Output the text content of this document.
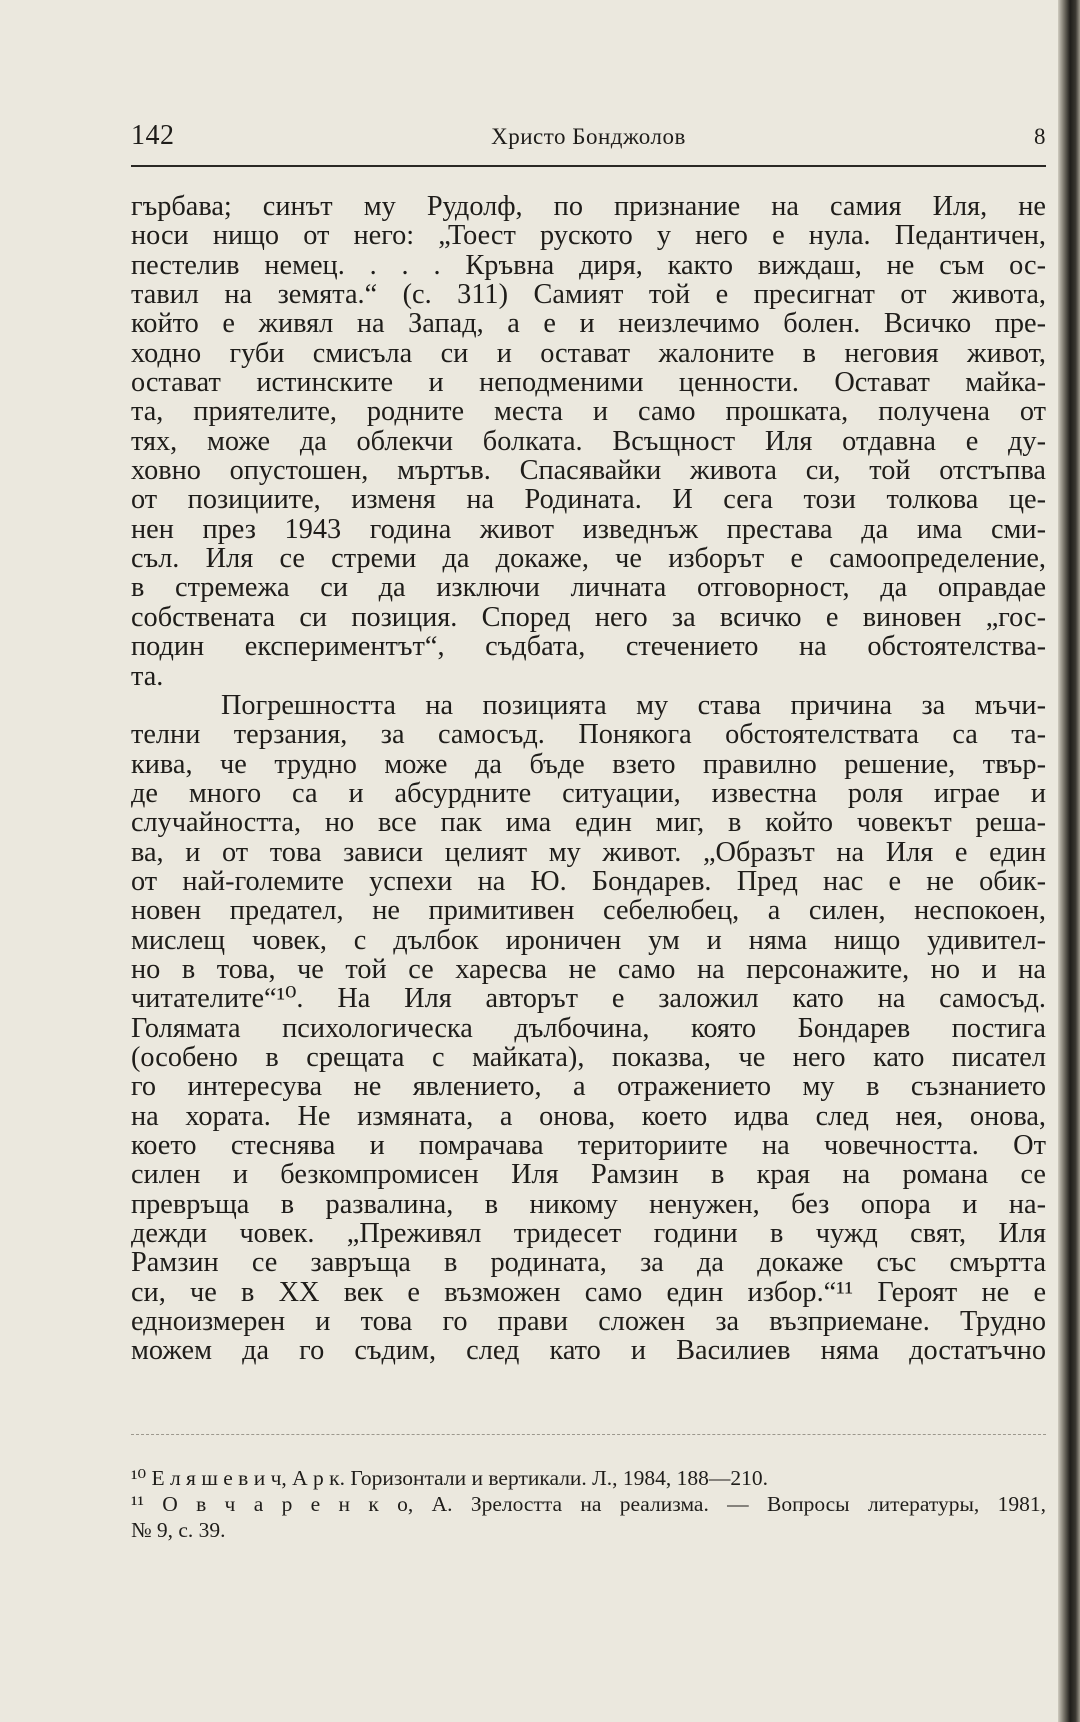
142	Христо Бонджолов	8
гърбава; синът му Рудолф, по признание на самия Иля, не
носи нищо от него: „Тоест руското у него е нула. Педантичен,
пестелив немец. . . . Кръвна диря, както виждаш, не съм ос-
тавил на земята.“ (с. 311) Самият той е пресигнат от живота,
който е живял на Запад, а е и неизлечимо болен. Всичко пре-
ходно губи смисъла си и остават жалоните в неговия живот,
остават истинските и неподменими ценности. Остават майка-
та, приятелите, родните места и само прошката, получена от
тях, може да облекчи болката. Всъщност Иля отдавна е ду-
ховно опустошен, мъртъв. Спасявайки живота си, той отстъпва
от позициите, изменя на Родината. И сега този толкова це-
нен през 1943 година живот изведнъж престава да има сми-
съл. Иля се стреми да докаже, че изборът е самоопределение,
в стремежа си да изключи личната отговорност, да оправдае
собствената си позиция. Според него за всичко е виновен „гос-
подин експериментът“, съдбата, стечението на обстоятелства-
та.
Погрешността на позицията му става причина за мъчи-
телни терзания, за самосъд. Понякога обстоятелствата са та-
кива, че трудно може да бъде взето правилно решение, твър-
де много са и абсурдните ситуации, известна роля играе и
случайността, но все пак има един миг, в който човекът реша-
ва, и от това зависи целият му живот. „Образът на Иля е един
от най-големите успехи на Ю. Бондарев. Пред нас е не обик-
новен предател, не примитивен себелюбец, а силен, неспокоен,
мислещ човек, с дълбок ироничен ум и няма нищо удивител-
но в това, че той се харесва не само на персонажите, но и на
читателите“¹⁰. На Иля авторът е заложил като на самосъд.
Голямата психологическа дълбочина, която Бондарев постига
(особено в срещата с майката), показва, че него като писател
го интересува не явлението, а отражението му в съзнанието
на хората. Не измяната, а онова, което идва след нея, онова,
което стеснява и помрачава териториите на човечността. От
силен и безкомпромисен Иля Рамзин в края на романа се
превръща в развалина, в никому ненужен, без опора и на-
дежди човек. „Преживял тридесет години в чужд свят, Иля
Рамзин се завръща в родината, за да докаже със смъртта
си, че в XX век е възможен само един избор.“¹¹ Героят не е
едноизмерен и това го прави сложен за възприемане. Трудно
можем да го съдим, след като и Василиев няма достатъчно
¹⁰ Е л я ш е в и ч, А р к. Горизонтали и вертикали. Л., 1984, 188—210.
¹¹ О в ч а р е н к о, А. Зрелостта на реализма. — Вопросы литературы, 1981,
№ 9, с. 39.
